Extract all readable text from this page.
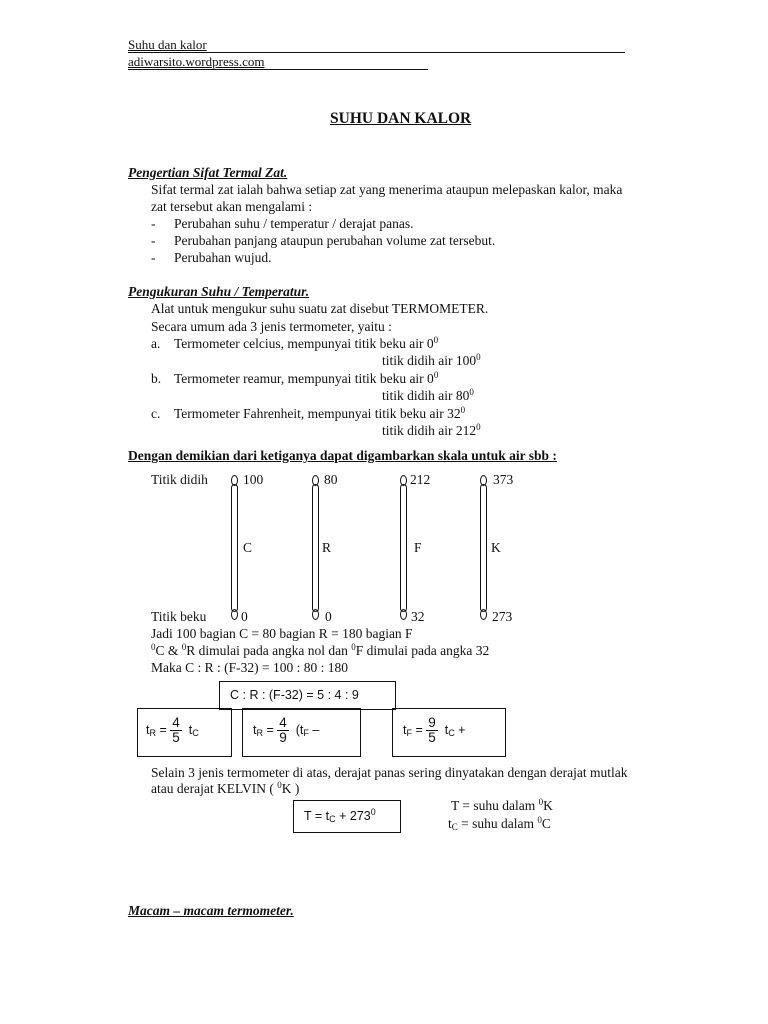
Suhu dan kalor
adiwarsito.wordpress.com
SUHU DAN KALOR
Pengertian Sifat Termal Zat.
Sifat termal zat ialah bahwa setiap zat yang menerima ataupun melepaskan kalor, maka
zat tersebut akan mengalami :
- Perubahan suhu / temperatur / derajat panas.
- Perubahan panjang ataupun perubahan volume zat tersebut.
- Perubahan wujud.
Pengukuran Suhu / Temperatur.
Alat untuk mengukur suhu suatu zat disebut TERMOMETER.
Secara umum ada 3 jenis termometer, yaitu :
a. Termometer celcius, mempunyai titik beku air $0^0$
titik didih air $100^0$
b. Termometer reamur, mempunyai titik beku air $0^0$
titik didih air $80^0$
c. Termometer Fahrenheit, mempunyai titik beku air $32^0$
titik didih air $212^0$
Dengan demikian dari ketiganya dapat digambarkan skala untuk air sbb :
Titik didih
Titik beku
100
C
0
80
R
0
212
F
32
373
K
273
Jadi 100 bagian C = 80 bagian R = 180 bagian F
$^0$C & $^0$R dimulai pada angka nol dan $^0$F dimulai pada angka 32
Maka C : R : (F-32) = 100 : 80 : 180
C : R : (F-32) = 5 : 4 : 9
$t_R = \frac{4}{5} t_C$	$t_R = \frac{4}{9} (t_F$ –	$t_F = \frac{9}{5} t_C$ +
Selain 3 jenis termometer di atas, derajat panas sering dinyatakan dengan derajat mutlak
atau derajat KELVIN ( $^0$K )
$T = t_C + 273^0$	T = suhu dalam $^0$K
$t_C$ = suhu dalam $^0$C
Macam – macam termometer.
